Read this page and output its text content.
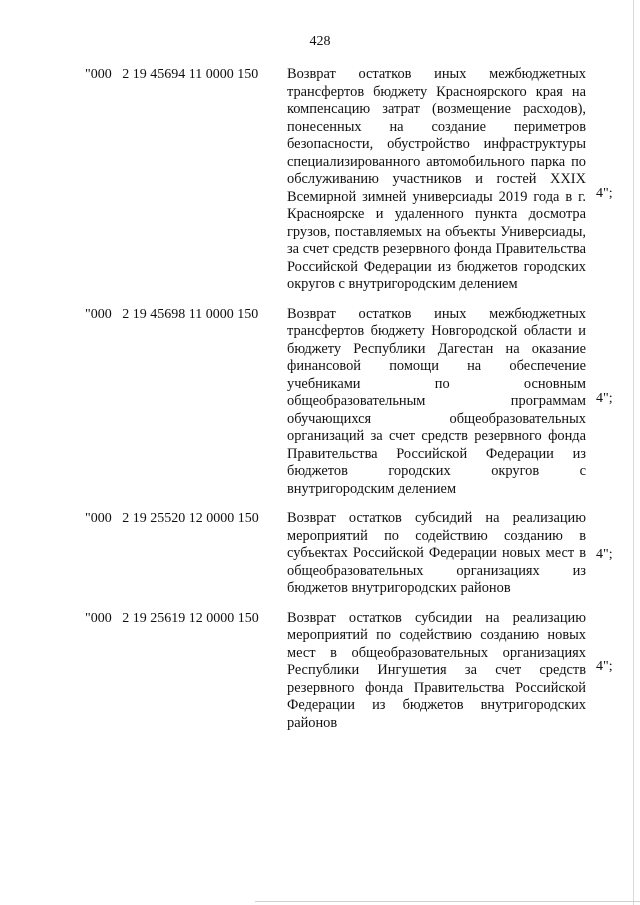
428
"000   2 19 45694 11 0000 150 Возврат остатков иных межбюджетных трансфертов бюджету Красноярского края на компенсацию затрат (возмещение расходов), понесенных на создание периметров безопасности, обустройство инфраструктуры специализированного автомобильного парка по обслуживанию участников и гостей XXIX Всемирной зимней универсиады 2019 года в г. Красноярске и удаленного пункта досмотра грузов, поставляемых на объекты Универсиады, за счет средств резервного фонда Правительства Российской Федерации из бюджетов городских округов с внутригородским делением
4";
"000   2 19 45698 11 0000 150 Возврат остатков иных межбюджетных трансфертов бюджету Новгородской области и бюджету Республики Дагестан на оказание финансовой помощи на обеспечение учебниками по основным общеобразовательным программам обучающихся общеобразовательных организаций за счет средств резервного фонда Правительства Российской Федерации из бюджетов городских округов с внутригородским делением
4";
"000   2 19 25520 12 0000 150 Возврат остатков субсидий на реализацию мероприятий по содействию созданию в субъектах Российской Федерации новых мест в общеобразовательных организациях из бюджетов внутригородских районов
4";
"000   2 19 25619 12 0000 150 Возврат остатков субсидии на реализацию мероприятий по содействию созданию новых мест в общеобразовательных организациях Республики Ингушетия за счет средств резервного фонда Правительства Российской Федерации из бюджетов внутригородских районов
4";
